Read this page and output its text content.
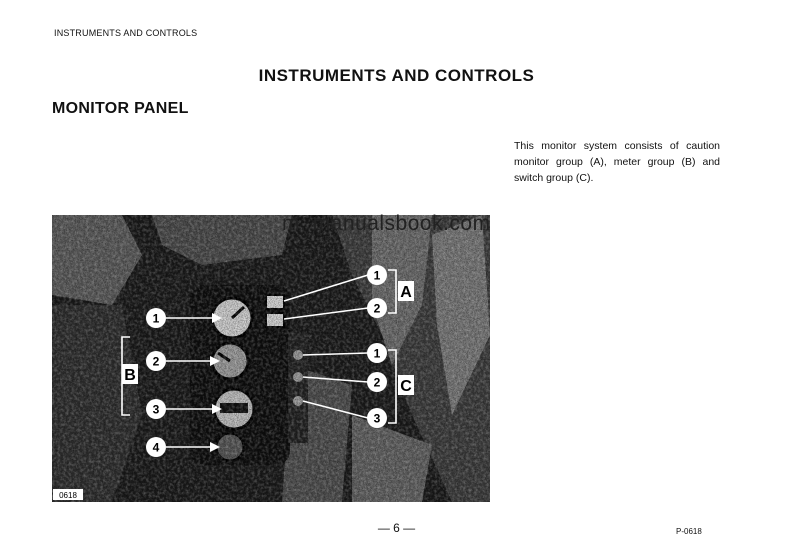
INSTRUMENTS AND CONTROLS
INSTRUMENTS AND CONTROLS
MONITOR PANEL
This monitor system consists of caution monitor group (A), meter group (B) and switch group (C).
1
2
3
4
1
2
1
2
3
A
C
B
0618
m. manualsbook.com
— 6 —	P-0618
